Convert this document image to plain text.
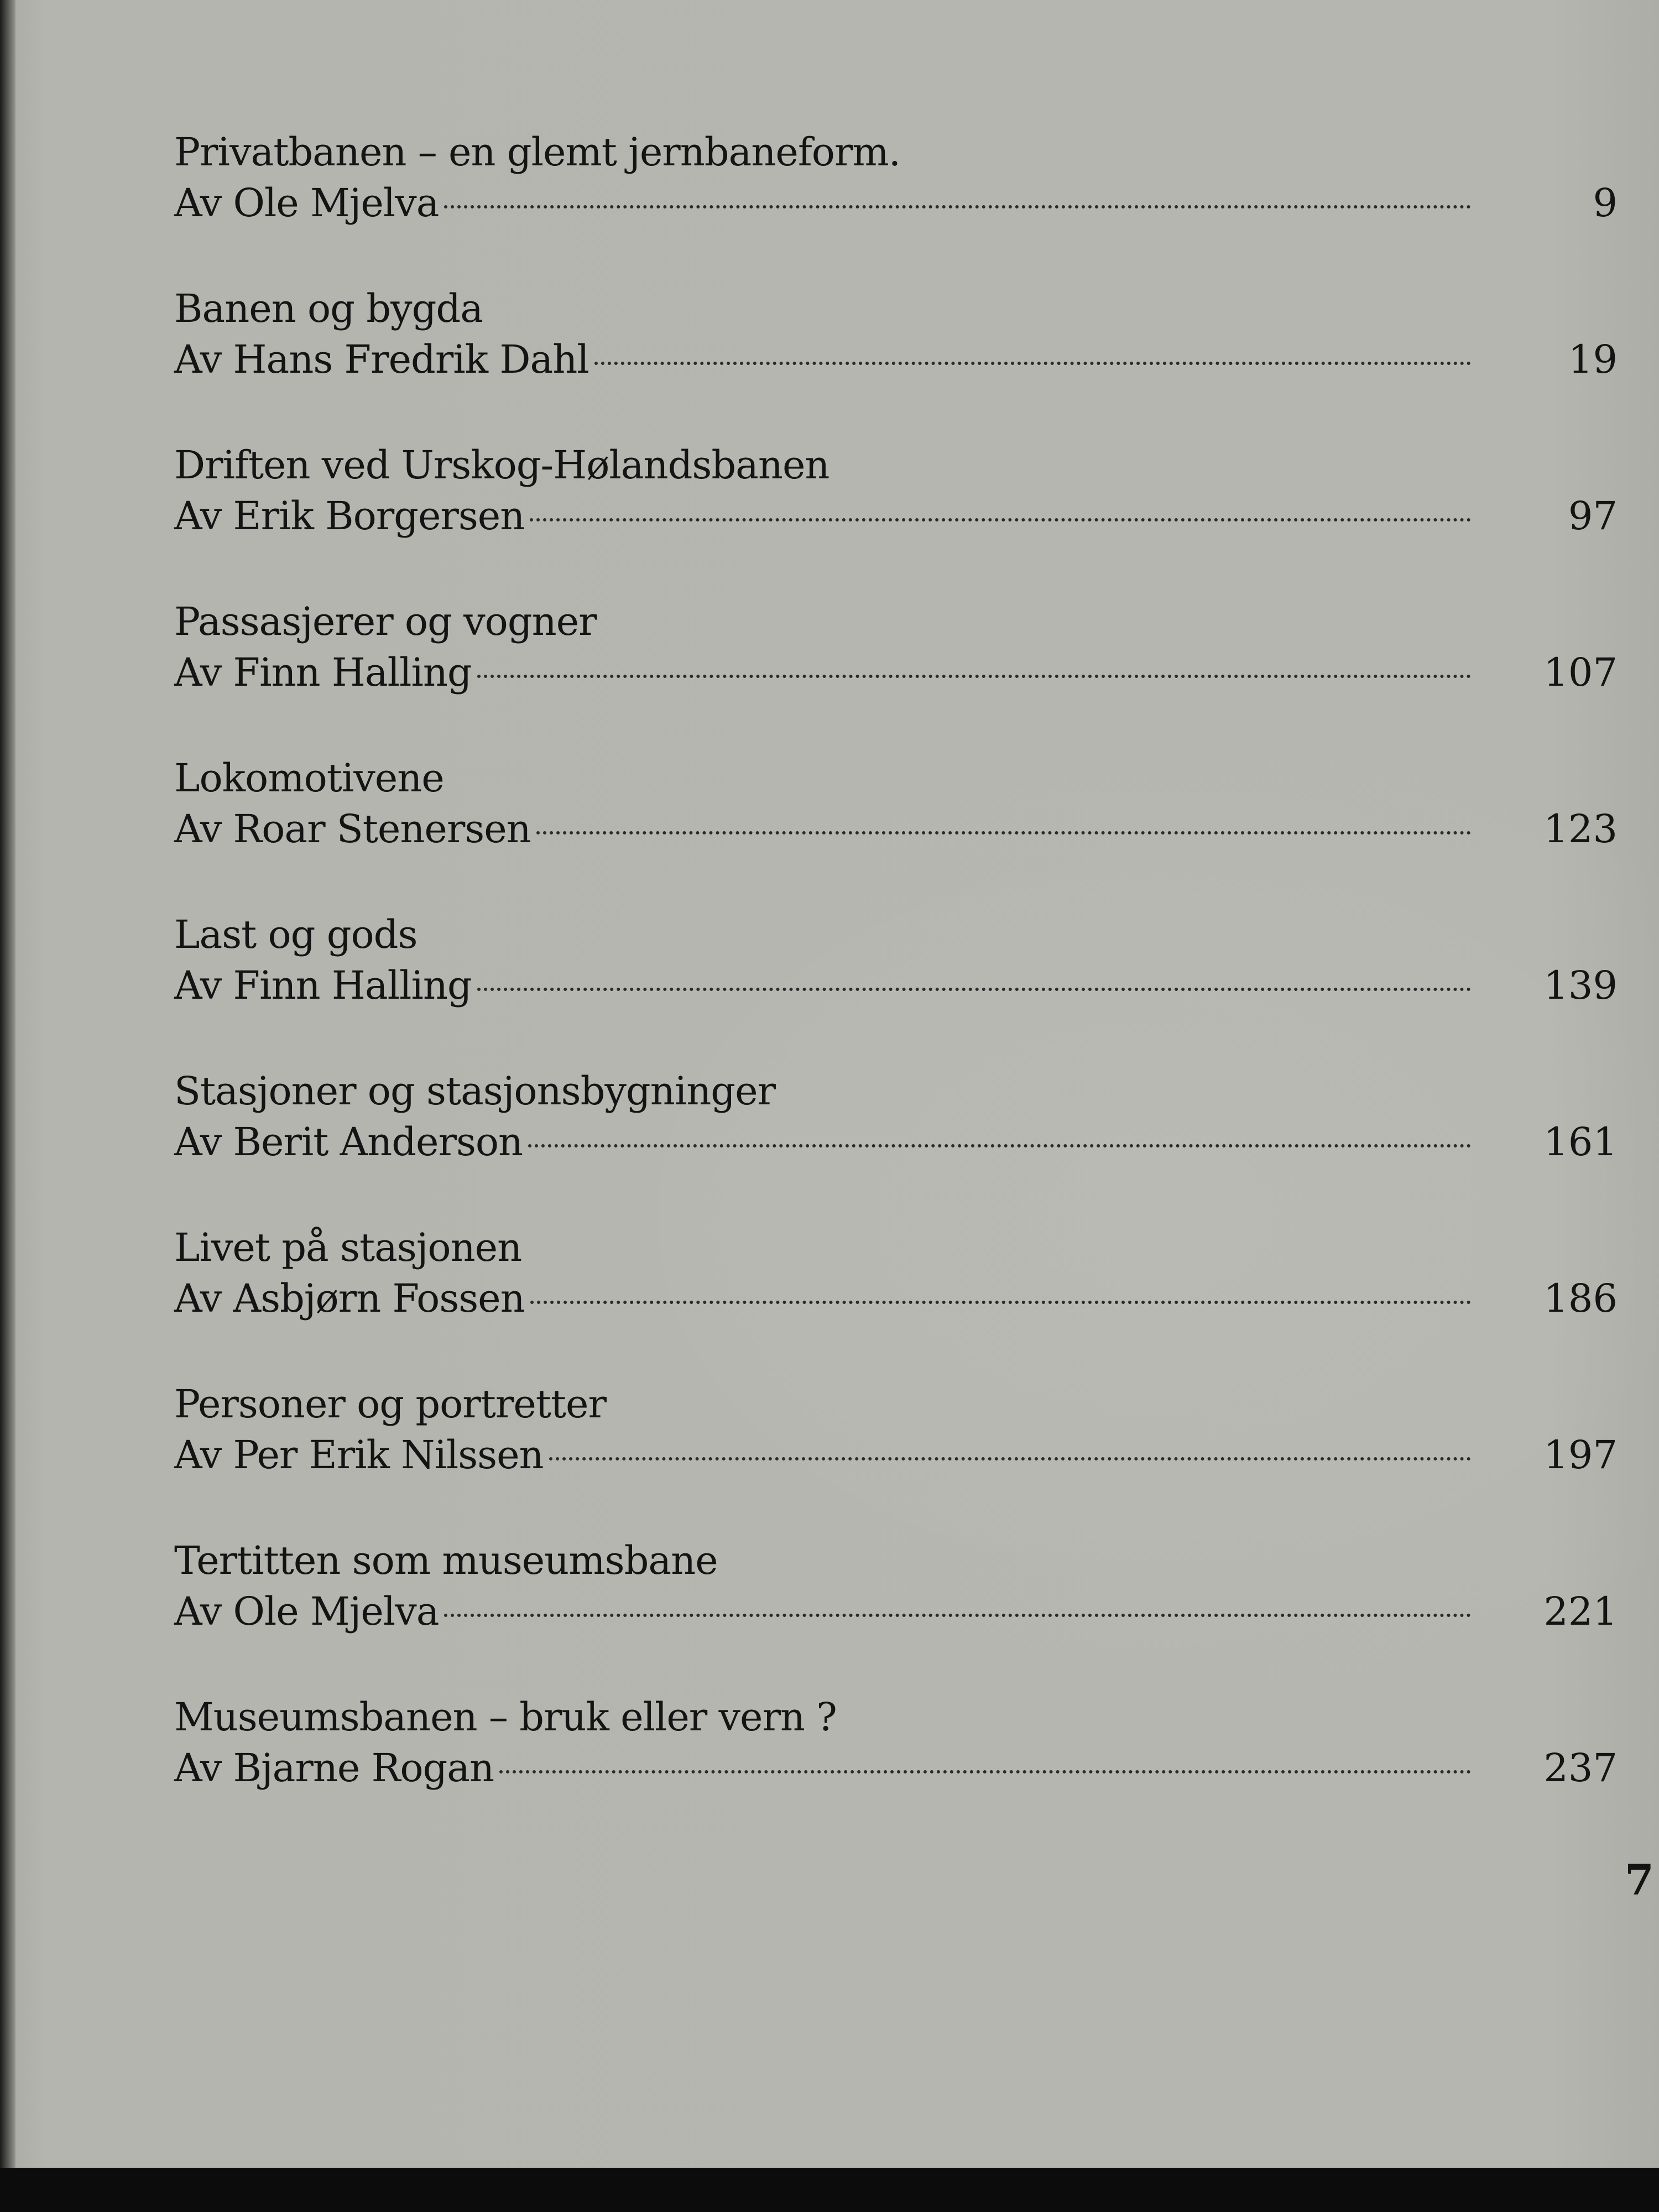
Privatbanen – en glemt jernbaneform.
Av Ole Mjelva	9
Banen og bygda
Av Hans Fredrik Dahl	19
Driften ved Urskog-Hølandsbanen
Av Erik Borgersen	97
Passasjerer og vogner
Av Finn Halling	107
Lokomotivene
Av Roar Stenersen	123
Last og gods
Av Finn Halling	139
Stasjoner og stasjonsbygninger
Av Berit Anderson	161
Livet på stasjonen
Av Asbjørn Fossen	186
Personer og portretter
Av Per Erik Nilssen	197
Tertitten som museumsbane
Av Ole Mjelva	221
Museumsbanen – bruk eller vern ?
Av Bjarne Rogan	237
7
